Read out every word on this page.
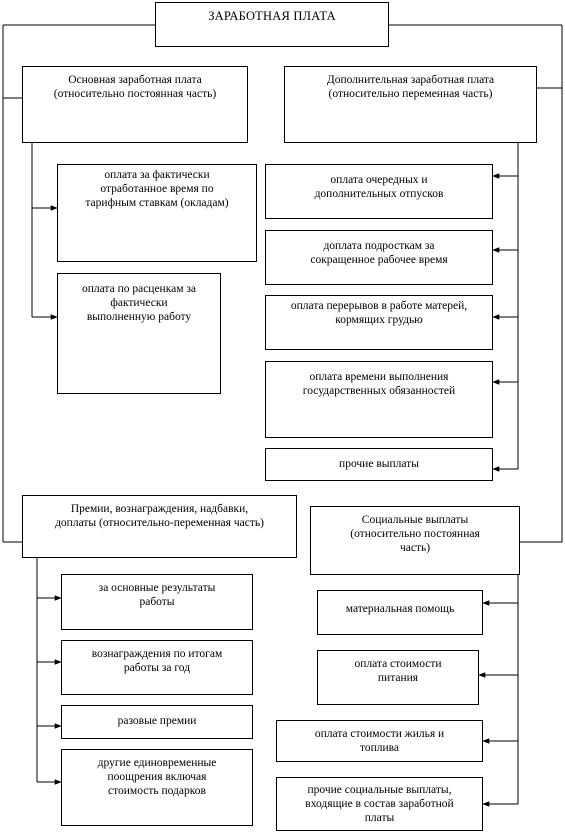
ЗАРАБОТНАЯ ПЛАТА
Основная заработная плата
(относительно постоянная часть)
оплата за фактически
отработанное время по
тарифным ставкам (окладам)
оплата по расценкам за
фактически
выполненную работу
Дополнительная заработная плата
(относительно переменная часть)
оплата очередных и
дополнительных отпусков
доплата подросткам за
сокращенное рабочее время
оплата перерывов в работе матерей,
кормящих грудью
оплата времени выполнения
государственных обязанностей
прочие выплаты
Премии, вознаграждения, надбавки,
доплаты (относительно-переменная часть)
за основные результаты
работы
вознаграждения по итогам
работы за год
разовые премии
другие единовременные
поощрения включая
стоимость подарков
Социальные выплаты
(относительно постоянная
часть)
материальная помощь
оплата стоимости
питания
оплата стоимости жилья и
топлива
прочие социальные выплаты,
входящие в состав заработной
платы
